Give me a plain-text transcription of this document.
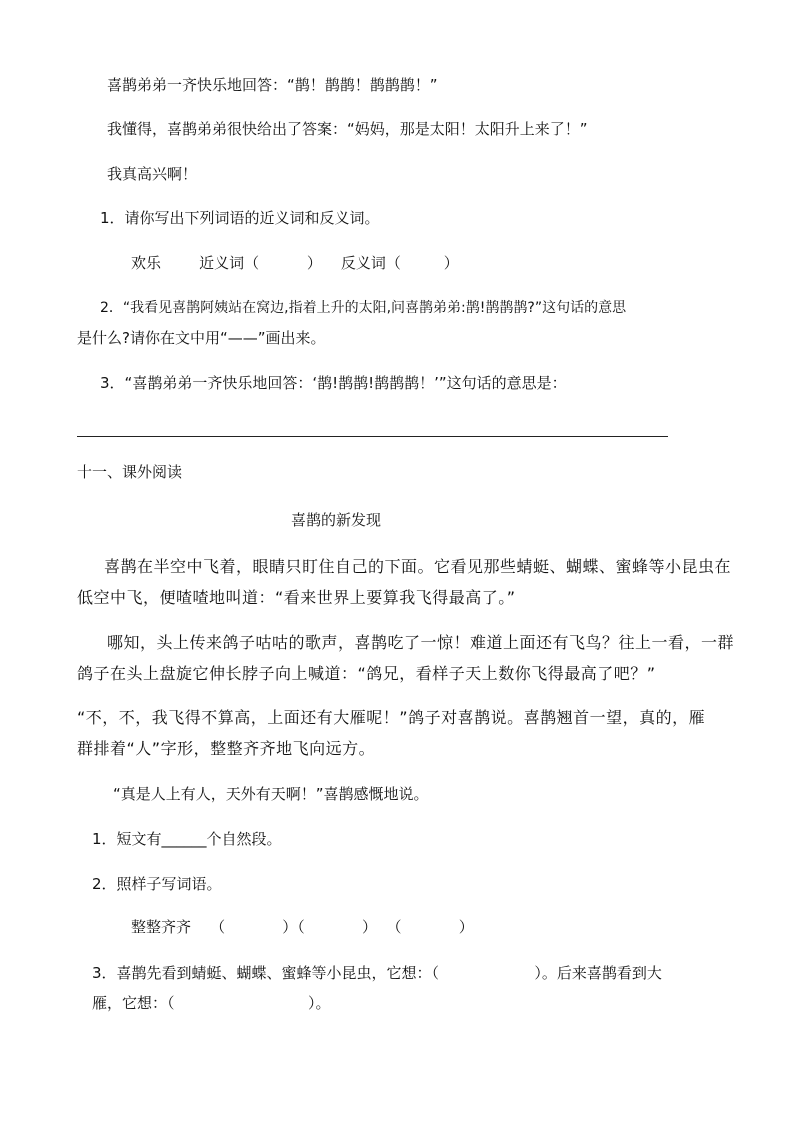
喜鹊弟弟一齐快乐地回答：“鹊！鹊鹊！鹊鹊鹊！”
我懂得，喜鹊弟弟很快给出了答案：“妈妈，那是太阳！太阳升上来了！”
我真高兴啊！
1．请你写出下列词语的近义词和反义词。
欢乐        近义词（          ）    反义词（         ）
2．“我看见喜鹊阿姨站在窝边,指着上升的太阳,问喜鹊弟弟:鹊!鹊鹊鹊?”这句话的意思
是什么?请你在文中用“——”画出来。
3．“喜鹊弟弟一齐快乐地回答：‘鹊!鹊鹊!鹊鹊鹊！’”这句话的意思是：
十一、课外阅读
喜鹊的新发现
喜鹊在半空中飞着，眼睛只盯住自己的下面。它看见那些蜻蜓、蝴蝶、蜜蜂等小昆虫在
低空中飞，便喳喳地叫道：“看来世界上要算我飞得最高了。”
哪知，头上传来鸽子咕咕的歌声，喜鹊吃了一惊！难道上面还有飞鸟？往上一看，一群
鸽子在头上盘旋它伸长脖子向上喊道：“鸽兄，看样子天上数你飞得最高了吧？”
“不，不，我飞得不算高，上面还有大雁呢！”鸽子对喜鹊说。喜鹊翘首一望，真的，雁
群排着“人”字形，整整齐齐地飞向远方。
“真是人上有人，天外有天啊！”喜鹊感慨地说。
1．短文有______个自然段。
2．照样子写词语。
整整齐齐    （            ）（            ）  （            ）
3．喜鹊先看到蜻蜓、蝴蝶、蜜蜂等小昆虫，它想：（                    ）。后来喜鹊看到大
雁，它想：（                            ）。
